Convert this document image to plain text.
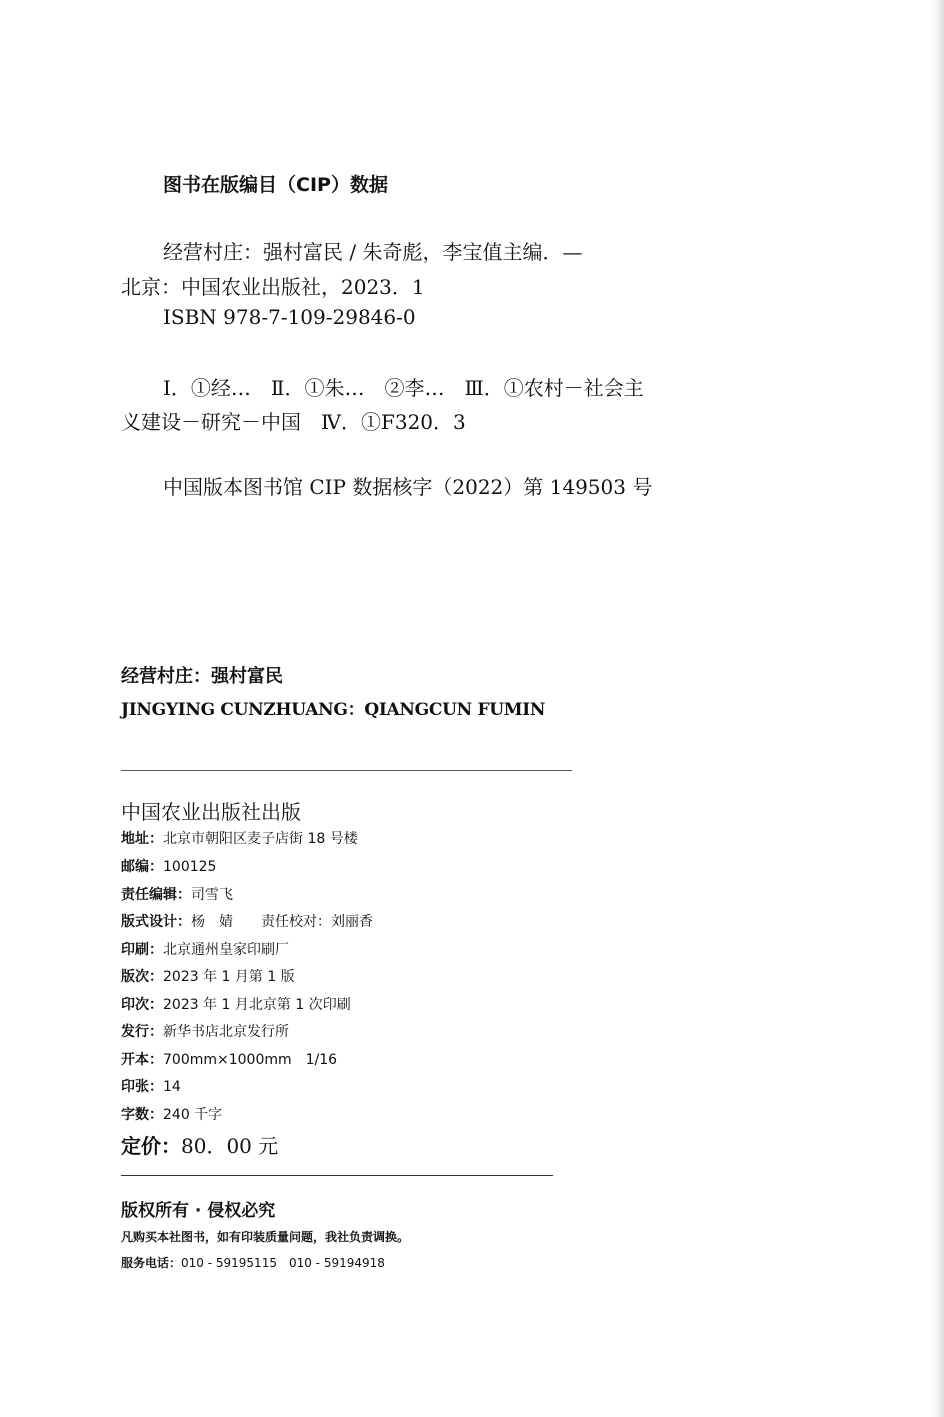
图书在版编目（CIP）数据
经营村庄：强村富民 / 朱奇彪，李宝值主编．—
北京：中国农业出版社，2023．1
ISBN 978-7-109-29846-0
Ⅰ．①经…　Ⅱ．①朱…　②李…　Ⅲ．①农村－社会主
义建设－研究－中国　Ⅳ．①F320．3
中国版本图书馆 CIP 数据核字（2022）第 149503 号
经营村庄：强村富民
JINGYING CUNZHUANG：QIANGCUN FUMIN
中国农业出版社出版
地址：北京市朝阳区麦子店街 18 号楼
邮编：100125
责任编辑：司雪飞
版式设计：杨　婧　　责任校对：刘丽香
印刷：北京通州皇家印刷厂
版次：2023 年 1 月第 1 版
印次：2023 年 1 月北京第 1 次印刷
发行：新华书店北京发行所
开本：700mm×1000mm　1/16
印张：14
字数：240 千字
定价：80．00 元
版权所有 · 侵权必究
凡购买本社图书，如有印装质量问题，我社负责调换。
服务电话：010 - 59195115　010 - 59194918
